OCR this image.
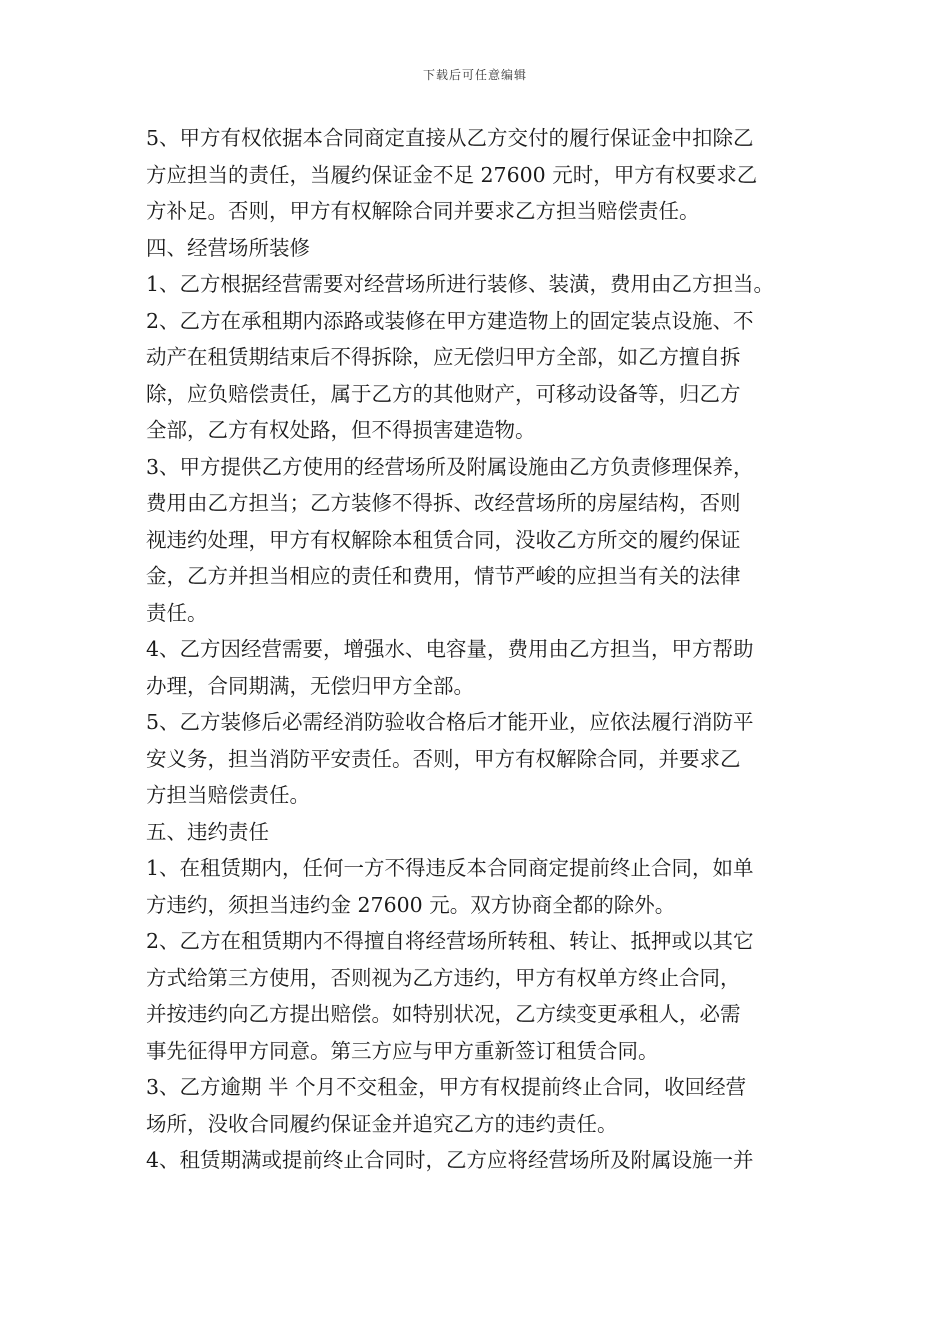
下载后可任意编辑

5、甲方有权依据本合同商定直接从乙方交付的履行保证金中扣除乙

方应担当的责任，当履约保证金不足 27600 元时，甲方有权要求乙

方补足。否则，甲方有权解除合同并要求乙方担当赔偿责任。

四、经营场所装修

1、乙方根据经营需要对经营场所进行装修、装潢，费用由乙方担当。

2、乙方在承租期内添路或装修在甲方建造物上的固定装点设施、不

动产在租赁期结束后不得拆除，应无偿归甲方全部，如乙方擅自拆

除，应负赔偿责任，属于乙方的其他财产，可移动设备等，归乙方

全部，乙方有权处路，但不得损害建造物。

3、甲方提供乙方使用的经营场所及附属设施由乙方负责修理保养，

费用由乙方担当；乙方装修不得拆、改经营场所的房屋结构，否则

视违约处理，甲方有权解除本租赁合同，没收乙方所交的履约保证

金，乙方并担当相应的责任和费用，情节严峻的应担当有关的法律

责任。

4、乙方因经营需要，增强水、电容量，费用由乙方担当，甲方帮助

办理，合同期满，无偿归甲方全部。

5、乙方装修后必需经消防验收合格后才能开业，应依法履行消防平

安义务，担当消防平安责任。否则，甲方有权解除合同，并要求乙

方担当赔偿责任。

五、违约责任

1、在租赁期内，任何一方不得违反本合同商定提前终止合同，如单

方违约，须担当违约金 27600 元。双方协商全都的除外。

2、乙方在租赁期内不得擅自将经营场所转租、转让、抵押或以其它

方式给第三方使用，否则视为乙方违约，甲方有权单方终止合同，

并按违约向乙方提出赔偿。如特别状况，乙方续变更承租人，必需

事先征得甲方同意。第三方应与甲方重新签订租赁合同。

3、乙方逾期 半 个月不交租金，甲方有权提前终止合同，收回经营

场所，没收合同履约保证金并追究乙方的违约责任。

4、租赁期满或提前终止合同时，乙方应将经营场所及附属设施一并
